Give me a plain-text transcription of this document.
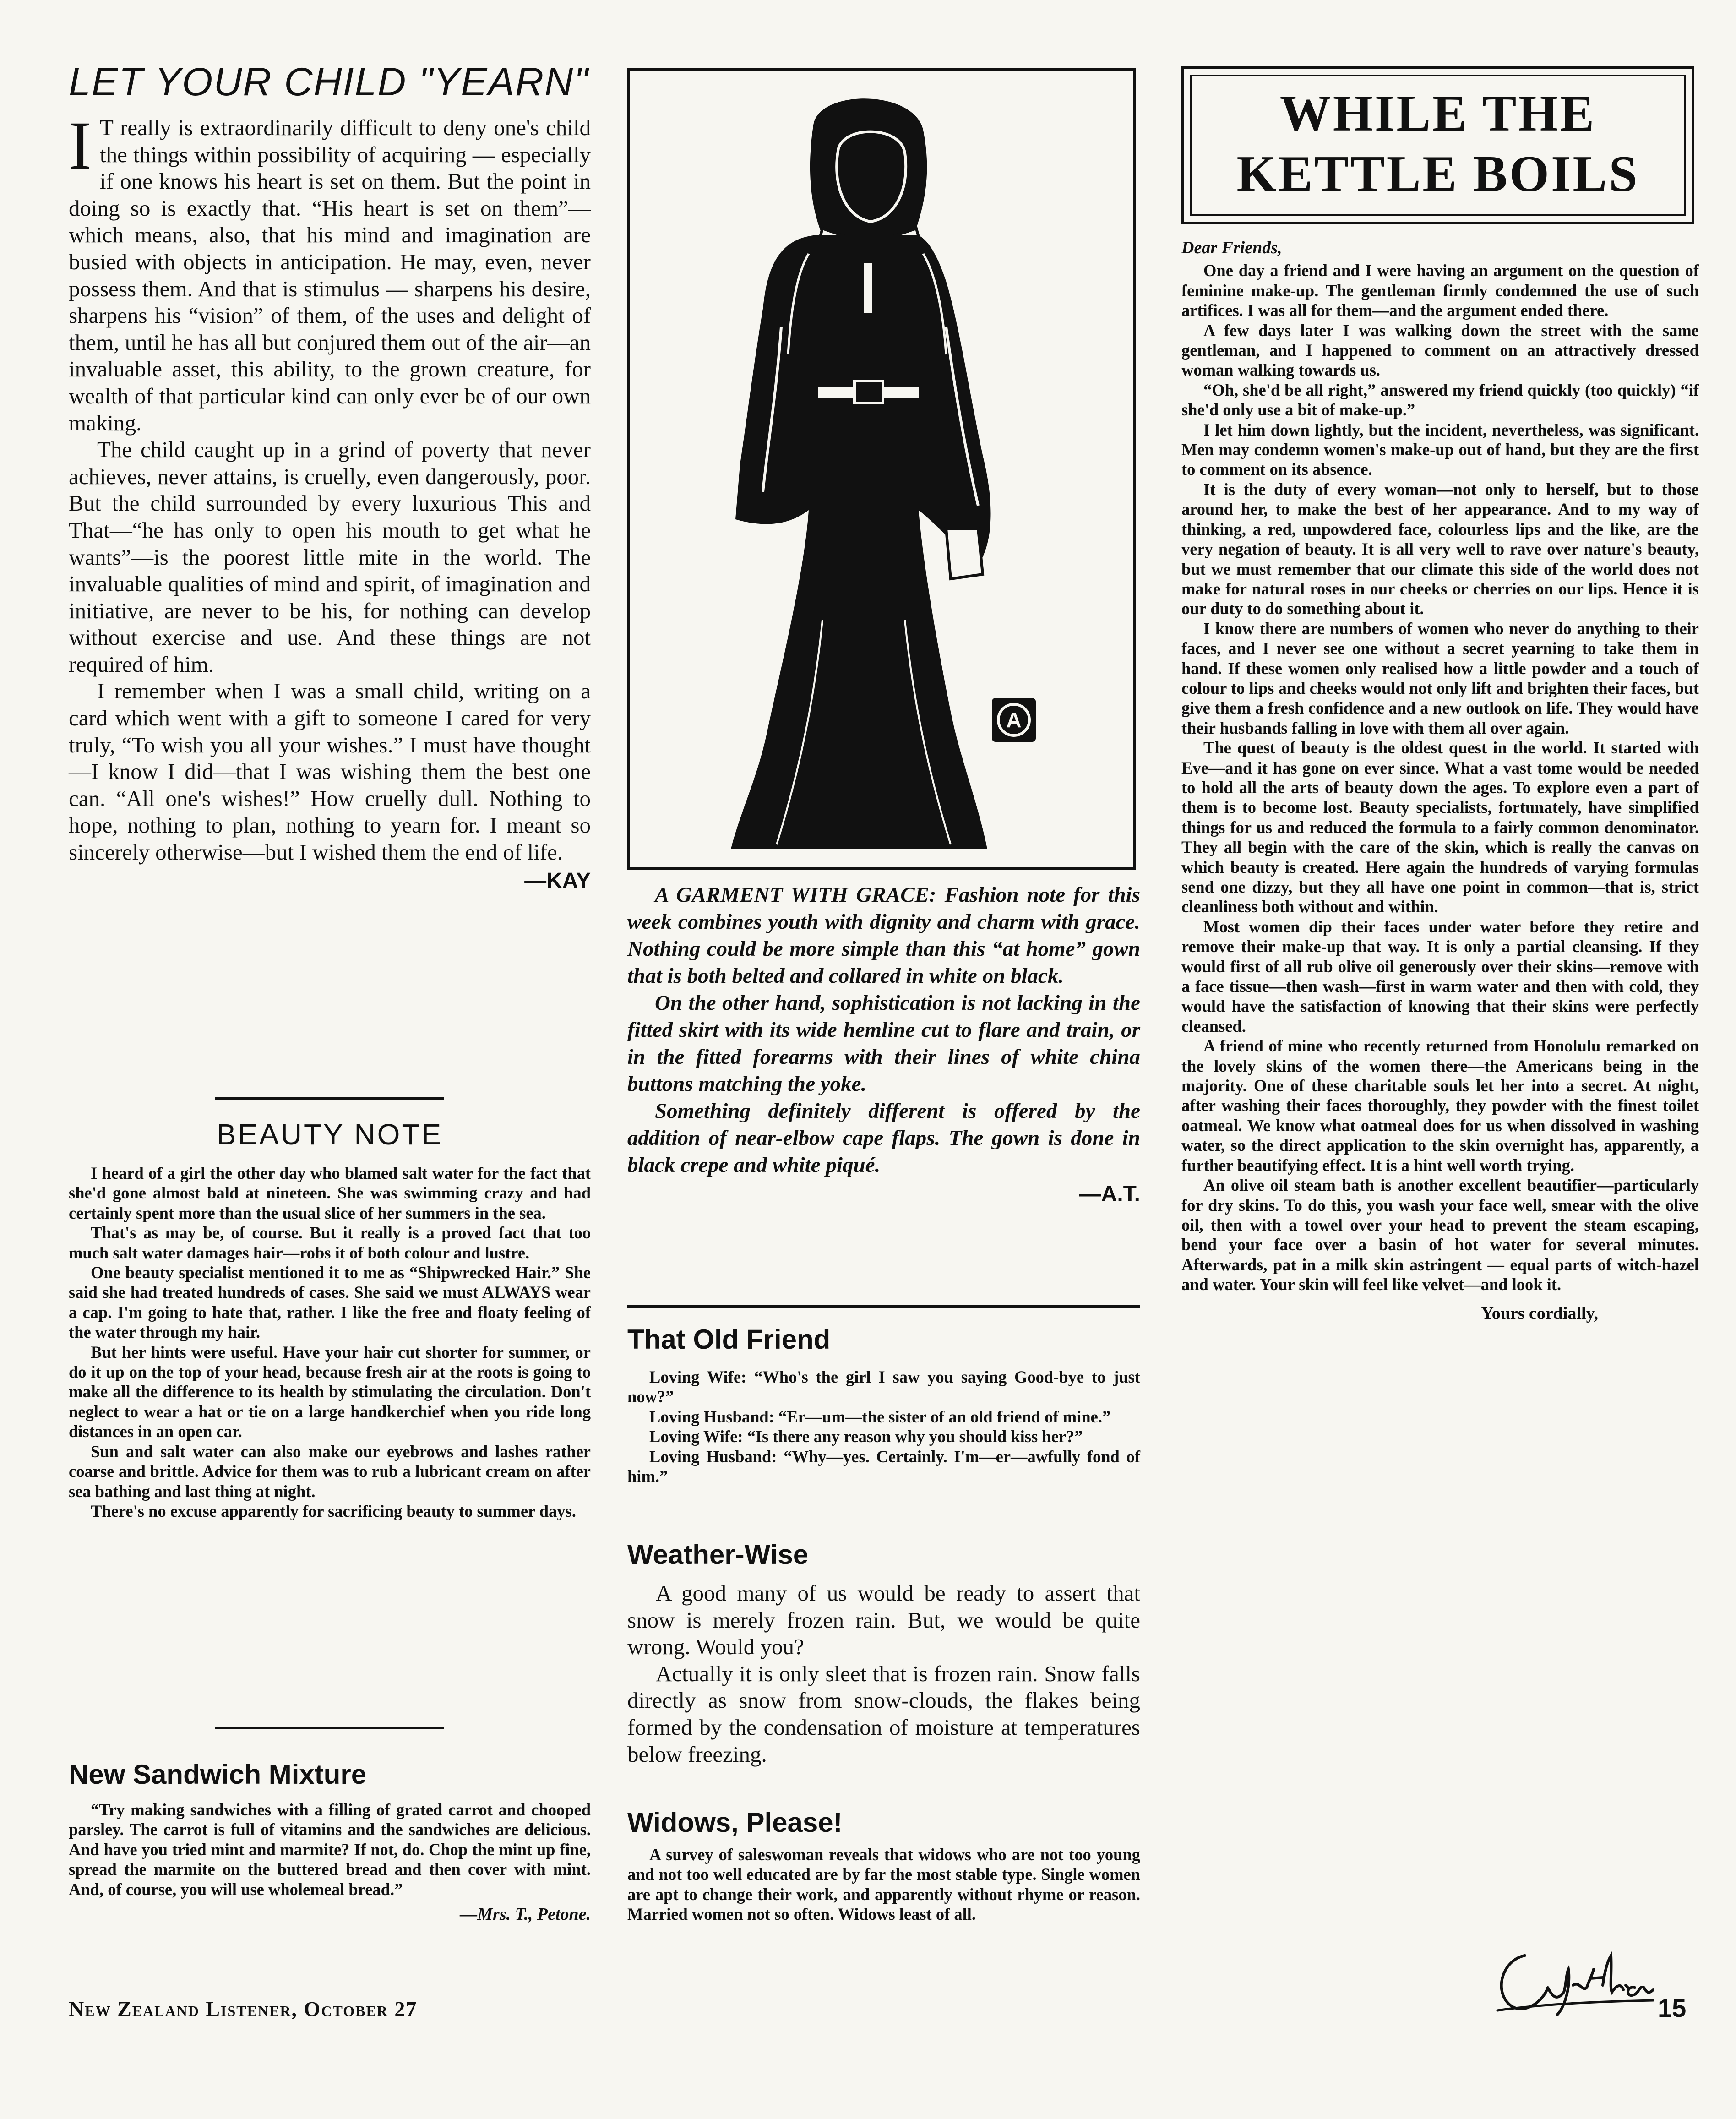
LET YOUR CHILD "YEARN"

I T really is extraordinarily difficult to deny one's child the things within possibility of acquiring — especially if one knows his heart is set on them. But the point in doing so is exactly that. “His heart is set on them”—which means, also, that his mind and imagination are busied with objects in anticipation. He may, even, never possess them. And that is stimulus — sharpens his desire, sharpens his “vision” of them, of the uses and delight of them, until he has all but conjured them out of the air—an invaluable asset, this ability, to the grown creature, for wealth of that particular kind can only ever be of our own making.

The child caught up in a grind of poverty that never achieves, never attains, is cruelly, even dangerously, poor. But the child surrounded by every luxurious This and That—“he has only to open his mouth to get what he wants”—is the poorest little mite in the world. The invaluable qualities of mind and spirit, of imagination and initiative, are never to be his, for nothing can develop without exercise and use. And these things are not required of him.

I remember when I was a small child, writing on a card which went with a gift to someone I cared for very truly, “To wish you all your wishes.” I must have thought—I know I did—that I was wishing them the best one can. “All one's wishes!” How cruelly dull. Nothing to hope, nothing to plan, nothing to yearn for. I meant so sincerely otherwise—but I wished them the end of life.

—KAY
BEAUTY NOTE

I heard of a girl the other day who blamed salt water for the fact that she'd gone almost bald at nineteen. She was swimming crazy and had certainly spent more than the usual slice of her summers in the sea.

That's as may be, of course. But it really is a proved fact that too much salt water damages hair—robs it of both colour and lustre.

One beauty specialist mentioned it to me as “Shipwrecked Hair.” She said she had treated hundreds of cases. She said we must ALWAYS wear a cap. I'm going to hate that, rather. I like the free and floaty feeling of the water through my hair.

But her hints were useful. Have your hair cut shorter for summer, or do it up on the top of your head, because fresh air at the roots is going to make all the difference to its health by stimulating the circulation. Don't neglect to wear a hat or tie on a large handkerchief when you ride long distances in an open car.

Sun and salt water can also make our eyebrows and lashes rather coarse and brittle. Advice for them was to rub a lubricant cream on after sea bathing and last thing at night.

There's no excuse apparently for sacrificing beauty to summer days.

New Sandwich Mixture

“Try making sandwiches with a filling of grated carrot and chooped parsley. The carrot is full of vitamins and the sandwiches are delicious. And have you tried mint and marmite? If not, do. Chop the mint up fine, spread the marmite on the buttered bread and then cover with mint. And, of course, you will use wholemeal bread.”

—Mrs. T., Petone.
New Zealand Listener, October 27	15
A

A GARMENT WITH GRACE: Fashion note for this week combines youth with dignity and charm with grace. Nothing could be more simple than this “at home” gown that is both belted and collared in white on black.

On the other hand, sophistication is not lacking in the fitted skirt with its wide hemline cut to flare and train, or in the fitted forearms with their lines of white china buttons matching the yoke.

Something definitely different is offered by the addition of near-elbow cape flaps. The gown is done in black crepe and white piqué.

—A.T.
That Old Friend

Loving Wife: “Who's the girl I saw you saying Good-bye to just now?”

Loving Husband: “Er—um—the sister of an old friend of mine.”

Loving Wife: “Is there any reason why you should kiss her?”

Loving Husband: “Why—yes. Certainly. I'm—er—awfully fond of him.”

Weather-Wise

A good many of us would be ready to assert that snow is merely frozen rain. But, we would be quite wrong. Would you?

Actually it is only sleet that is frozen rain. Snow falls directly as snow from snow-clouds, the flakes being formed by the condensation of moisture at temperatures below freezing.

Widows, Please!

A survey of saleswoman reveals that widows who are not too young and not too well educated are by far the most stable type. Single women are apt to change their work, and apparently without rhyme or reason. Married women not so often. Widows least of all.

WHILE THE
KETTLE BOILS
Dear Friends,

One day a friend and I were having an argument on the question of feminine make-up. The gentleman firmly condemned the use of such artifices. I was all for them—and the argument ended there.

A few days later I was walking down the street with the same gentleman, and I happened to comment on an attractively dressed woman walking towards us.

“Oh, she'd be all right,” answered my friend quickly (too quickly) “if she'd only use a bit of make-up.”

I let him down lightly, but the incident, nevertheless, was significant. Men may condemn women's make-up out of hand, but they are the first to comment on its absence.

It is the duty of every woman—not only to herself, but to those around her, to make the best of her appearance. And to my way of thinking, a red, unpowdered face, colourless lips and the like, are the very negation of beauty. It is all very well to rave over nature's beauty, but we must remember that our climate this side of the world does not make for natural roses in our cheeks or cherries on our lips. Hence it is our duty to do something about it.

I know there are numbers of women who never do anything to their faces, and I never see one without a secret yearning to take them in hand. If these women only realised how a little powder and a touch of colour to lips and cheeks would not only lift and brighten their faces, but give them a fresh confidence and a new outlook on life. They would have their husbands falling in love with them all over again.

The quest of beauty is the oldest quest in the world. It started with Eve—and it has gone on ever since. What a vast tome would be needed to hold all the arts of beauty down the ages. To explore even a part of them is to become lost. Beauty specialists, fortunately, have simplified things for us and reduced the formula to a fairly common denominator. They all begin with the care of the skin, which is really the canvas on which beauty is created. Here again the hundreds of varying formulas send one dizzy, but they all have one point in common—that is, strict cleanliness both without and within.

Most women dip their faces under water before they retire and remove their make-up that way. It is only a partial cleansing. If they would first of all rub olive oil generously over their skins—remove with a face tissue—then wash—first in warm water and then with cold, they would have the satisfaction of knowing that their skins were perfectly cleansed.

A friend of mine who recently returned from Honolulu remarked on the lovely skins of the women there—the Americans being in the majority. One of these charitable souls let her into a secret. At night, after washing their faces thoroughly, they powder with the finest toilet oatmeal. We know what oatmeal does for us when dissolved in washing water, so the direct application to the skin overnight has, apparently, a further beautifying effect. It is a hint well worth trying.

An olive oil steam bath is another excellent beautifier—particularly for dry skins. To do this, you wash your face well, smear with the olive oil, then with a towel over your head to prevent the steam escaping, bend your face over a basin of hot water for several minutes. Afterwards, pat in a milk skin astringent — equal parts of witch-hazel and water. Your skin will feel like velvet—and look it.

Yours cordially,
